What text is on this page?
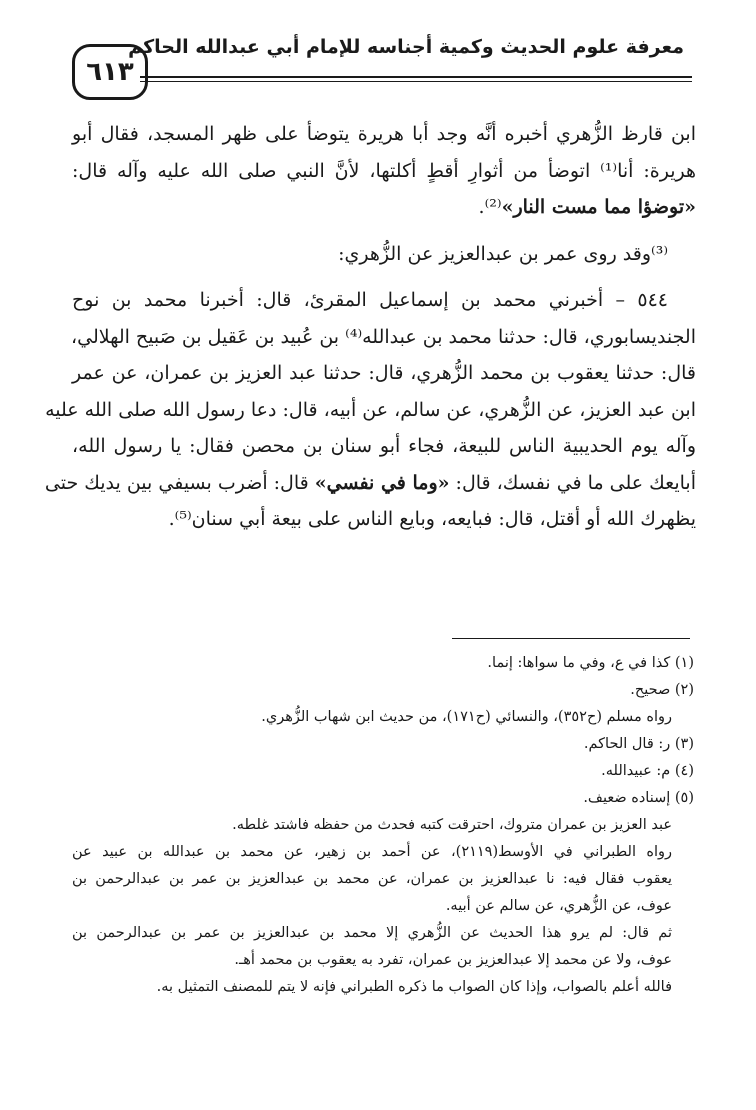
معرفة علوم الحديث وكمية أجناسه للإمام أبي عبدالله الحاكم
٦١٣
ابن قارظ الزُّهري أخبره أنَّه وجد أبا هريرة يتوضأ على ظهر المسجد، فقال أبو
هريرة: أنا⁽¹⁾ اتوضأ من أثوارِ أقطٍ أكلتها، لأنَّ النبي صلى الله عليه وآله قال:
«توضؤا مما مست النار»⁽²⁾.
⁽³⁾وقد روى عمر بن عبدالعزيز عن الزُّهري:
٥٤٤ – أخبرني محمد بن إسماعيل المقرئ، قال: أخبرنا محمد بن نوح
الجنديسابوري، قال: حدثنا محمد بن عبدالله⁽⁴⁾ بن عُبيد بن عَقيل بن صَبيح الهلالي،
قال: حدثنا يعقوب بن محمد الزُّهري، قال: حدثنا عبد العزيز بن عمران، عن عمر
ابن عبد العزيز، عن الزُّهري، عن سالم، عن أبيه، قال: دعا رسول الله صلى الله عليه
وآله يوم الحديبية الناس للبيعة، فجاء أبو سنان بن محصن فقال: يا رسول الله،
أبايعك على ما في نفسك، قال: «وما في نفسي» قال: أضرب بسيفي بين يديك حتى
يظهرك الله أو أقتل، قال: فبايعه، وبايع الناس على بيعة أبي سنان⁽⁵⁾.
(١) كذا في ع، وفي ما سواها: إنما.
(٢) صحيح.
رواه مسلم (ح٣٥٢)، والنسائي (ح١٧١)، من حديث ابن شهاب الزُّهري.
(٣) ر: قال الحاكم.
(٤) م: عبيدالله.
(٥) إسناده ضعيف.
عبد العزيز بن عمران متروك، احترقت كتبه فحدث من حفظه فاشتد غلطه.
رواه الطبراني في الأوسط(٢١١٩)، عن أحمد بن زهير، عن محمد بن عبدالله بن عبيد عن
يعقوب فقال فيه: نا عبدالعزيز بن عمران، عن محمد بن عبدالعزيز بن عمر بن عبدالرحمن بن
عوف، عن الزُّهري، عن سالم عن أبيه.
ثم قال: لم يرو هذا الحديث عن الزُّهري إلا محمد بن عبدالعزيز بن عمر بن عبدالرحمن بن
عوف، ولا عن محمد إلا عبدالعزيز بن عمران، تفرد به يعقوب بن محمد أهـ.
فالله أعلم بالصواب، وإذا كان الصواب ما ذكره الطبراني فإنه لا يتم للمصنف التمثيل به.
